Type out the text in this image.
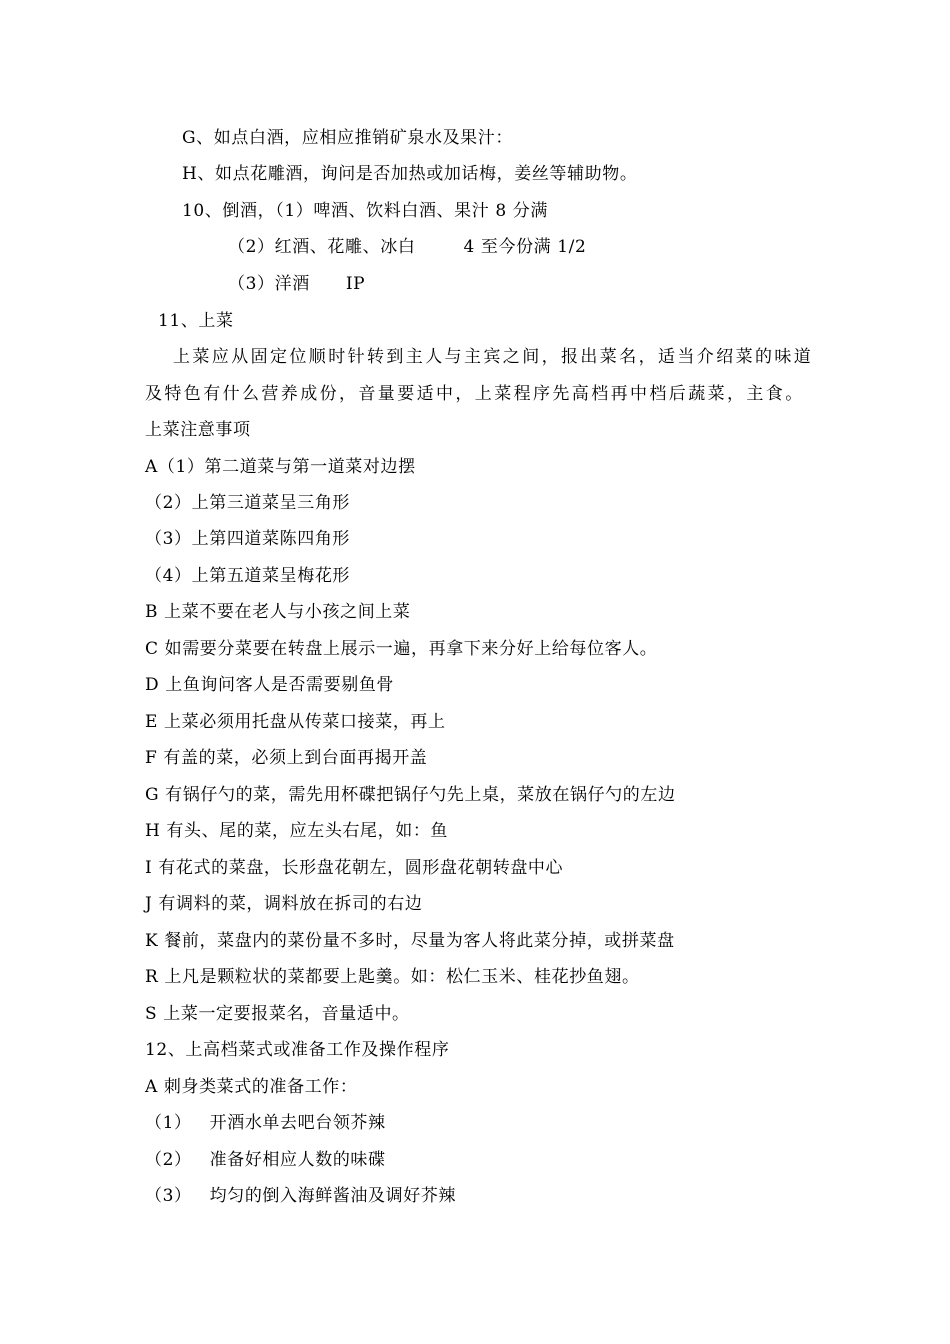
G、如点白酒，应相应推销矿泉水及果汁：
H、如点花雕酒，询问是否加热或加话梅，姜丝等辅助物。
10、倒酒，（1）啤酒、饮料白酒、果汁 8 分满
（2）红酒、花雕、冰白        4 至今份满 1/2
（3）洋酒      IP
11、上菜
上菜应从固定位顺时针转到主人与主宾之间，报出菜名，适当介绍菜的味道
及特色有什么营养成份，音量要适中，上菜程序先高档再中档后蔬菜，主食。
上菜注意事项
A（1）第二道菜与第一道菜对边摆
（2）上第三道菜呈三角形
（3）上第四道菜陈四角形
（4）上第五道菜呈梅花形
B 上菜不要在老人与小孩之间上菜
C 如需要分菜要在转盘上展示一遍，再拿下来分好上给每位客人。
D 上鱼询问客人是否需要剔鱼骨
E 上菜必须用托盘从传菜口接菜，再上
F 有盖的菜，必须上到台面再揭开盖
G 有锅仔勺的菜，需先用杯碟把锅仔勺先上桌，菜放在锅仔勺的左边
H 有头、尾的菜，应左头右尾，如：鱼
I 有花式的菜盘，长形盘花朝左，圆形盘花朝转盘中心
J 有调料的菜，调料放在拆司的右边
K 餐前，菜盘内的菜份量不多时，尽量为客人将此菜分掉，或拼菜盘
R 上凡是颗粒状的菜都要上匙羹。如：松仁玉米、桂花抄鱼翅。
S 上菜一定要报菜名，音量适中。
12、上高档菜式或准备工作及操作程序
A 刺身类菜式的准备工作：
（1）   开酒水单去吧台领芥辣
（2）   准备好相应人数的味碟
（3）   均匀的倒入海鲜酱油及调好芥辣
